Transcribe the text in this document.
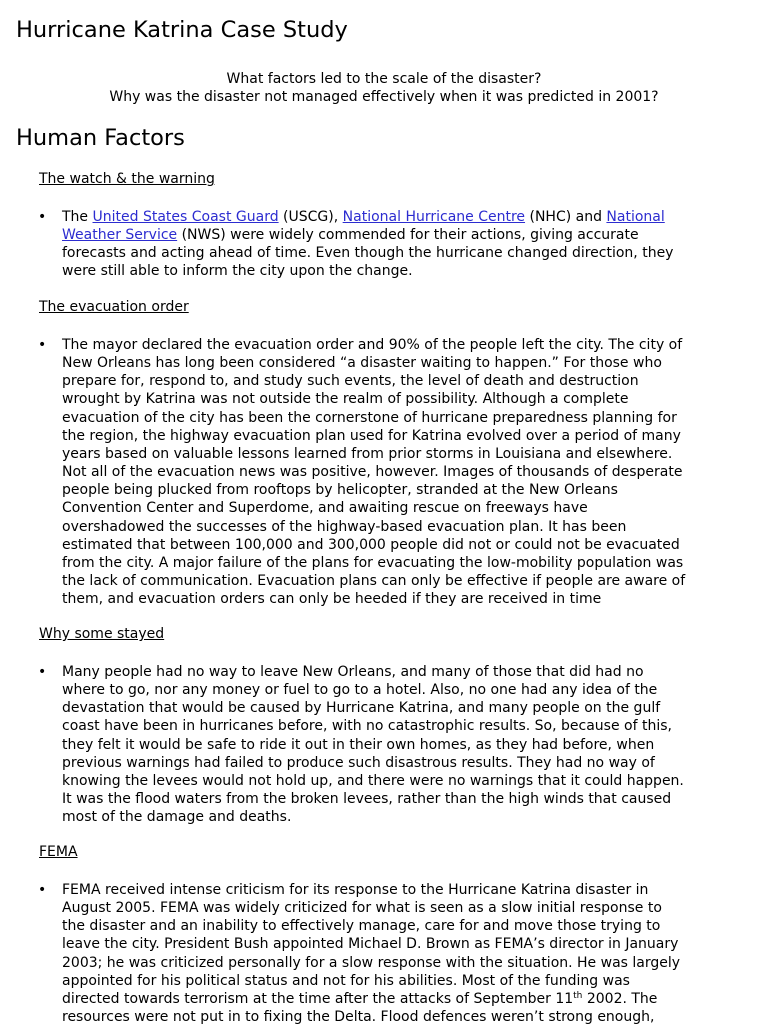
Hurricane Katrina Case Study
What factors led to the scale of the disaster?
Why was the disaster not managed effectively when it was predicted in 2001?
Human Factors
The watch & the warning
•	The United States Coast Guard (USCG), National Hurricane Centre (NHC) and National
Weather Service (NWS) were widely commended for their actions, giving accurate
forecasts and acting ahead of time. Even though the hurricane changed direction, they
were still able to inform the city upon the change.
The evacuation order
•	The mayor declared the evacuation order and 90% of the people left the city. The city of
New Orleans has long been considered “a disaster waiting to happen.” For those who
prepare for, respond to, and study such events, the level of death and destruction
wrought by Katrina was not outside the realm of possibility. Although a complete
evacuation of the city has been the cornerstone of hurricane preparedness planning for
the region, the highway evacuation plan used for Katrina evolved over a period of many
years based on valuable lessons learned from prior storms in Louisiana and elsewhere.
Not all of the evacuation news was positive, however. Images of thousands of desperate
people being plucked from rooftops by helicopter, stranded at the New Orleans
Convention Center and Superdome, and awaiting rescue on freeways have
overshadowed the successes of the highway-based evacuation plan. It has been
estimated that between 100,000 and 300,000 people did not or could not be evacuated
from the city. A major failure of the plans for evacuating the low-mobility population was
the lack of communication. Evacuation plans can only be effective if people are aware of
them, and evacuation orders can only be heeded if they are received in time
Why some stayed
•	Many people had no way to leave New Orleans, and many of those that did had no
where to go, nor any money or fuel to go to a hotel. Also, no one had any idea of the
devastation that would be caused by Hurricane Katrina, and many people on the gulf
coast have been in hurricanes before, with no catastrophic results. So, because of this,
they felt it would be safe to ride it out in their own homes, as they had before, when
previous warnings had failed to produce such disastrous results. They had no way of
knowing the levees would not hold up, and there were no warnings that it could happen.
It was the flood waters from the broken levees, rather than the high winds that caused
most of the damage and deaths.
FEMA
•	FEMA received intense criticism for its response to the Hurricane Katrina disaster in
August 2005. FEMA was widely criticized for what is seen as a slow initial response to
the disaster and an inability to effectively manage, care for and move those trying to
leave the city. President Bush appointed Michael D. Brown as FEMA’s director in January
2003; he was criticized personally for a slow response with the situation. He was largely
appointed for his political status and not for his abilities. Most of the funding was
directed towards terrorism at the time after the attacks of September 11th 2002. The
resources were not put in to fixing the Delta. Flood defences weren’t strong enough,
